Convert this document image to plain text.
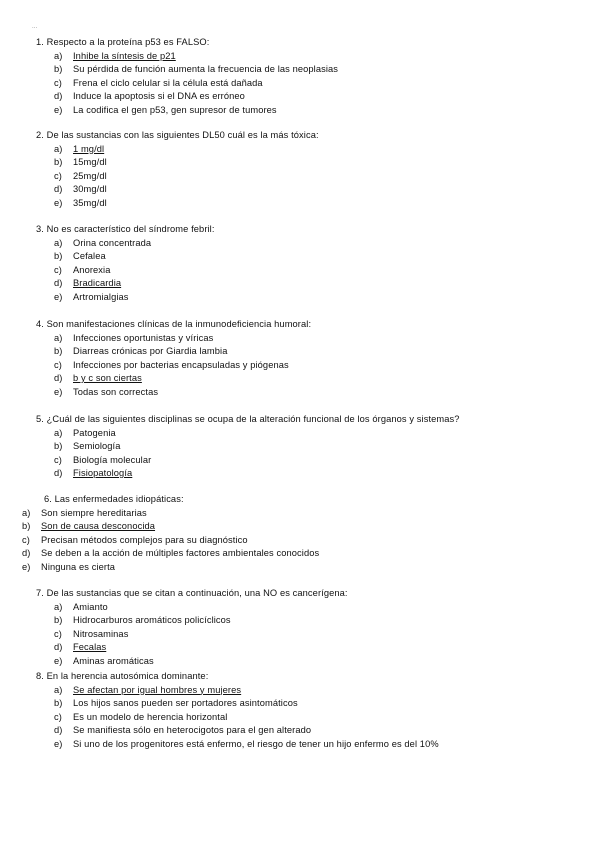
...
1. Respecto a la proteína p53 es FALSO:
a)	Inhibe la síntesis de p21
b)	Su pérdida de función aumenta la frecuencia de las neoplasias
c)	Frena el ciclo celular si la célula está dañada
d)	Induce la apoptosis si el DNA es erróneo
e)	La codifica el gen p53, gen supresor de tumores
2. De las sustancias con las siguientes DL50 cuál es la más tóxica:
a)	1 mg/dl
b)	15mg/dl
c)	25mg/dl
d)	30mg/dl
e)	35mg/dl
3. No es característico del síndrome febril:
a)	Orina concentrada
b)	Cefalea
c)	Anorexia
d)	Bradicardia
e)	Artromialgias
4. Son manifestaciones clínicas de la inmunodeficiencia humoral:
a)	Infecciones oportunistas y víricas
b)	Diarreas crónicas por Giardia lambia
c)	Infecciones por bacterias encapsuladas y piógenas
d)	b y c son ciertas
e)	Todas son correctas
5. ¿Cuál de las siguientes disciplinas se ocupa de la alteración funcional de los órganos y sistemas?
a)	Patogenia
b)	Semiología
c)	Biología molecular
d)	Fisiopatología
6. Las enfermedades idiopáticas:
a)	Son siempre hereditarias
b)	Son de causa desconocida
c)	Precisan métodos complejos para su diagnóstico
d)	Se deben a la acción de múltiples factores ambientales conocidos
e)	Ninguna es cierta
7. De las sustancias que se citan a continuación, una NO es cancerígena:
a)	Amianto
b)	Hidrocarburos aromáticos policíclicos
c)	Nitrosaminas
d)	Fecalas
e)	Aminas aromáticas
8. En la herencia autosómica dominante:
a)	Se afectan por igual hombres y mujeres
b)	Los hijos sanos pueden ser portadores asintomáticos
c)	Es un modelo de herencia horizontal
d)	Se manifiesta sólo en heterocigotos para el gen alterado
e)	Si uno de los progenitores está enfermo, el riesgo de tener un hijo enfermo es del 10%
